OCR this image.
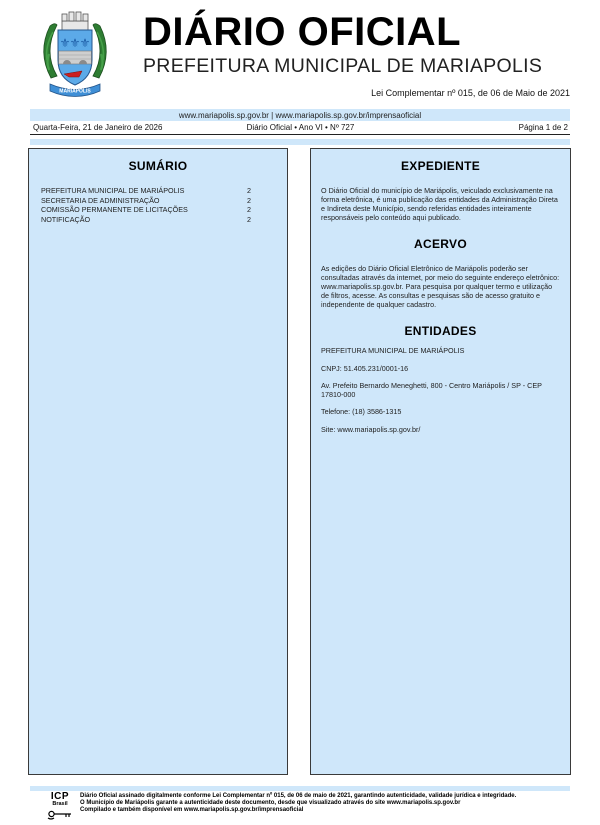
⚜ ⚜ ⚜
MARIÁPOLIS
DIÁRIO OFICIAL
PREFEITURA MUNICIPAL DE MARIAPOLIS
Lei Complementar nº 015, de 06 de Maio de 2021
www.mariapolis.sp.gov.br | www.mariapolis.sp.gov.br/imprensaoficial
Quarta-Feira, 21 de Janeiro de 2026	Diário Oficial • Ano VI • Nº 727	Página 1 de 2
SUMÁRIO
PREFEITURA MUNICIPAL DE MARIÁPOLIS	2
SECRETARIA DE ADMINISTRAÇÃO	2
COMISSÃO PERMANENTE DE LICITAÇÕES	2
NOTIFICAÇÃO	2
EXPEDIENTE
O Diário Oficial do município de Mariápolis, veiculado exclusivamente na forma eletrônica, é uma publicação das entidades da Administração Direta e Indireta deste Município, sendo referidas entidades inteiramente responsáveis pelo conteúdo aqui publicado.
ACERVO
As edições do Diário Oficial Eletrônico de Mariápolis poderão ser consultadas através da internet, por meio do seguinte endereço eletrônico: www.mariapolis.sp.gov.br. Para pesquisa por qualquer termo e utilização de filtros, acesse. As consultas e pesquisas são de acesso gratuito e independente de qualquer cadastro.
ENTIDADES
PREFEITURA MUNICIPAL DE MARIÁPOLIS
CNPJ: 51.405.231/0001-16
Av. Prefeito Bernardo Meneghetti, 800 - Centro Mariápolis / SP - CEP 17810-000
Telefone: (18) 3586-1315
Site: www.mariapolis.sp.gov.br/
ICP
Brasil
Diário Oficial assinado digitalmente conforme Lei Complementar nº 015, de 06 de maio de 2021, garantindo autenticidade, validade jurídica e integridade.
O Município de Mariápolis garante a autenticidade deste documento, desde que visualizado através do site www.mariapolis.sp.gov.br
Compilado e também disponível em www.mariapolis.sp.gov.br/imprensaoficial
